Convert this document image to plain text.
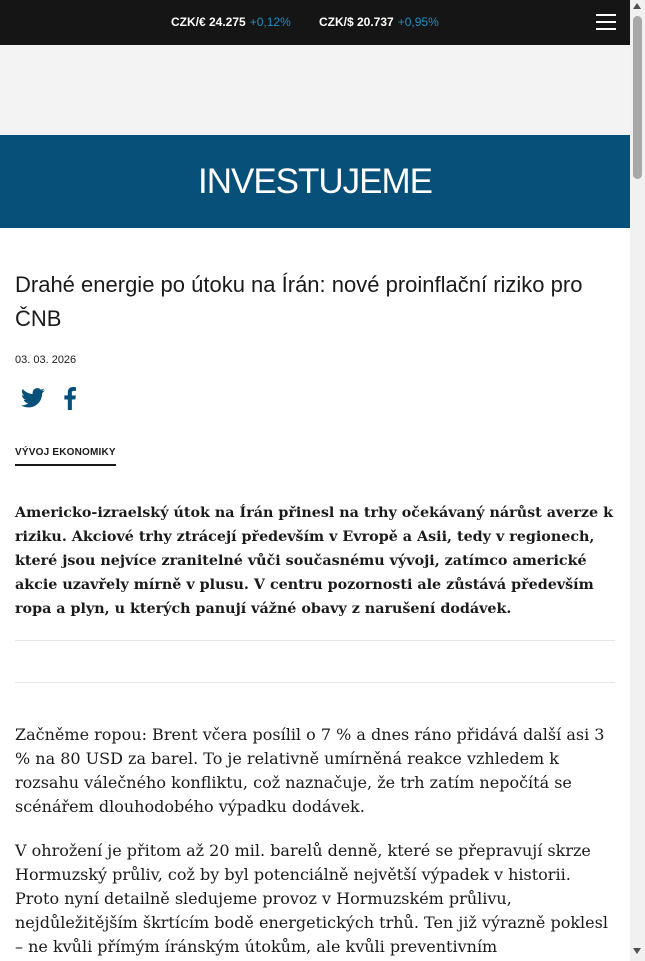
CZK/€ 24.275 +0,12% CZK/$ 20.737 +0,95%
INVESTUJEME
Drahé energie po útoku na Írán: nové proinflační riziko pro ČNB
03. 03. 2026
VÝVOJ EKONOMIKY

Americko-izraelský útok na Írán přinesl na trhy očekávaný nárůst averze k riziku. Akciové trhy ztrácejí především v Evropě a Asii, tedy v regionech, které jsou nejvíce zranitelné vůči současnému vývoji, zatímco americké akcie uzavřely mírně v plusu. V centru pozornosti ale zůstává především ropa a plyn, u kterých panují vážné obavy z narušení dodávek.

Začněme ropou: Brent včera posílil o 7 % a dnes ráno přidává další asi 3 % na 80 USD za barel. To je relativně umírněná reakce vzhledem k rozsahu válečného konfliktu, což naznačuje, že trh zatím nepočítá se scénářem dlouhodobého výpadku dodávek.

V ohrožení je přitom až 20 mil. barelů denně, které se přepravují skrze Hormuzský průliv, což by byl potenciálně největší výpadek v historii. Proto nyní detailně sledujeme provoz v Hormuzském průlivu, nejdůležitějším škrtícím bodě energetických trhů. Ten již výrazně poklesl – ne kvůli přímým íránským útokům, ale kvůli preventivním
